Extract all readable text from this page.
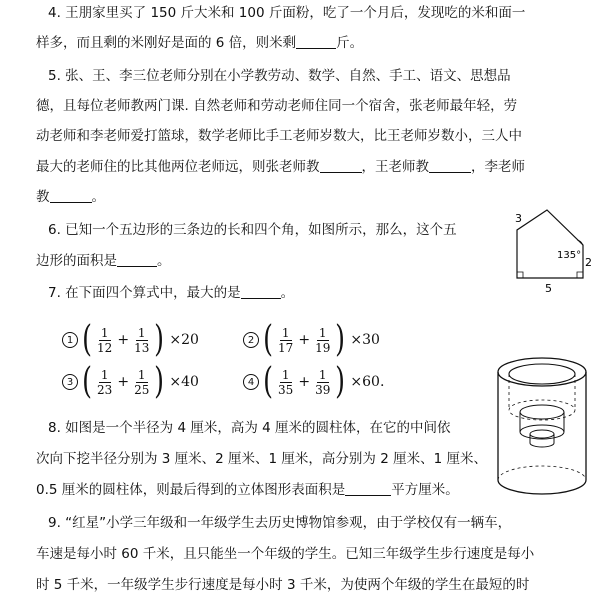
4. 王朋家里买了 150 斤大米和 100 斤面粉，吃了一个月后，发现吃的米和面一
样多，而且剩的米刚好是面的 6 倍，则米剩	斤。
5. 张、王、李三位老师分别在小学教劳动、数学、自然、手工、语文、思想品
德，且每位老师教两门课. 自然老师和劳动老师住同一个宿舍，张老师最年轻，劳
动老师和李老师爱打篮球，数学老师比手工老师岁数大，比王老师岁数小，三人中
最大的老师住的比其他两位老师远，则张老师教	，王老师教	，李老师
教	。
6. 已知一个五边形的三条边的长和四个角，如图所示，那么，这个五
边形的面积是	。
3
2
5
135°
7. 在下面四个算式中，最大的是	。
1 ( $\frac{1}{12} + \frac{1}{13}$ ) ×20	2 ( $\frac{1}{17} + \frac{1}{19}$ ) ×30
3 ( $\frac{1}{23} + \frac{1}{25}$ ) ×40	4 ( $\frac{1}{35} + \frac{1}{39}$ ) ×60.
8. 如图是一个半径为 4 厘米，高为 4 厘米的圆柱体，在它的中间依
次向下挖半径分别为 3 厘米、2 厘米、1 厘米，高分别为 2 厘米、1 厘米、
0.5 厘米的圆柱体，则最后得到的立体图形表面积是	平方厘米。
9. “红星”小学三年级和一年级学生去历史博物馆参观，由于学校仅有一辆车，
车速是每小时 60 千米，且只能坐一个年级的学生。已知三年级学生步行速度是每小
时 5 千米，一年级学生步行速度是每小时 3 千米，为使两个年级的学生在最短的时
